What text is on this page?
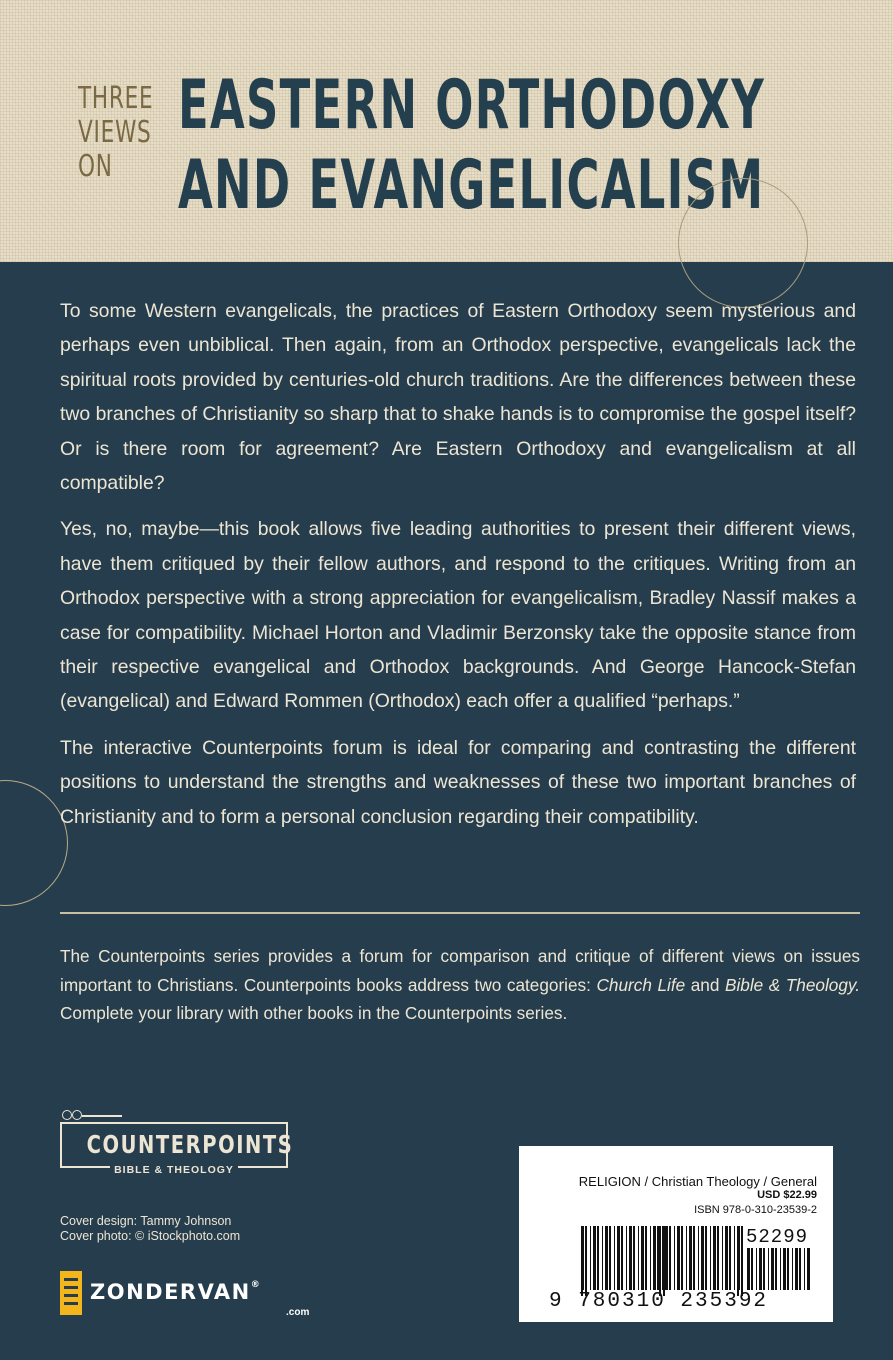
THREE
VIEWS
ON
EASTERN ORTHODOXY
AND EVANGELICALISM

To some Western evangelicals, the practices of Eastern Orthodoxy seem mysterious and perhaps even unbiblical. Then again, from an Orthodox perspective, evangelicals lack the spiritual roots provided by centuries-old church traditions. Are the differences between these two branches of Christianity so sharp that to shake hands is to compromise the gospel itself? Or is there room for agreement? Are Eastern Orthodoxy and evangelicalism at all compatible?

Yes, no, maybe—this book allows five leading authorities to present their different views, have them critiqued by their fellow authors, and respond to the critiques. Writing from an Orthodox perspective with a strong appreciation for evangelicalism, Bradley Nassif makes a case for compatibility. Michael Horton and Vladimir Berzonsky take the opposite stance from their respective evangelical and Orthodox backgrounds. And George Hancock-Stefan (evangelical) and Edward Rommen (Orthodox) each offer a qualified “perhaps.”

The interactive Counterpoints forum is ideal for comparing and contrasting the different positions to understand the strengths and weaknesses of these two important branches of Christianity and to form a personal conclusion regarding their compatibility.

The Counterpoints series provides a forum for comparison and critique of different views on issues important to Christians. Counterpoints books address two categories: Church Life and Bible & Theology. Complete your library with other books in the Counterpoints series.
COUNTERPOINTS
BIBLE & THEOLOGY
Cover design: Tammy Johnson
Cover photo: © iStockphoto.com
ZONDERVAN®
.com
RELIGION / Christian Theology / General
USD $22.99
ISBN 978-0-310-23539-2
52299
9 780310 235392
